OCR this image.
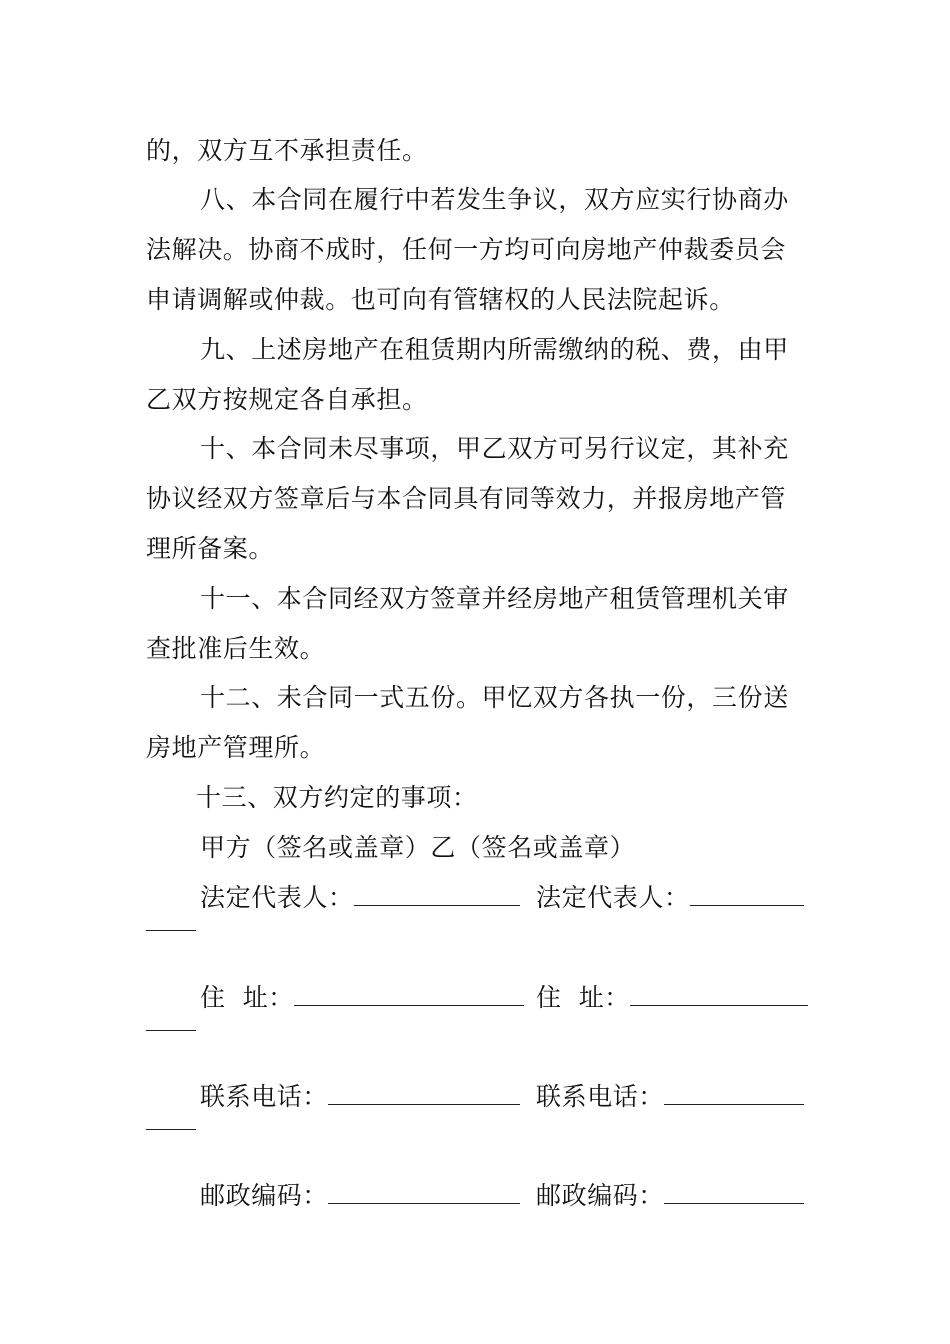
的，双方互不承担责任。
八、本合同在履行中若发生争议，双方应实行协商办
法解决。协商不成时，任何一方均可向房地产仲裁委员会
申请调解或仲裁。也可向有管辖权的人民法院起诉。
九、上述房地产在租赁期内所需缴纳的税、费，由甲
乙双方按规定各自承担。
十、本合同未尽事项，甲乙双方可另行议定，其补充
协议经双方签章后与本合同具有同等效力，并报房地产管
理所备案。
十一、本合同经双方签章并经房地产租赁管理机关审
查批准后生效。
十二、未合同一式五份。甲忆双方各执一份，三份送
房地产管理所。
十三、双方约定的事项：
甲方（签名或盖章）乙（签名或盖章）
法定代表人：	法定代表人：
住  址：	住  址：
联系电话：	联系电话：
邮政编码：	邮政编码：
